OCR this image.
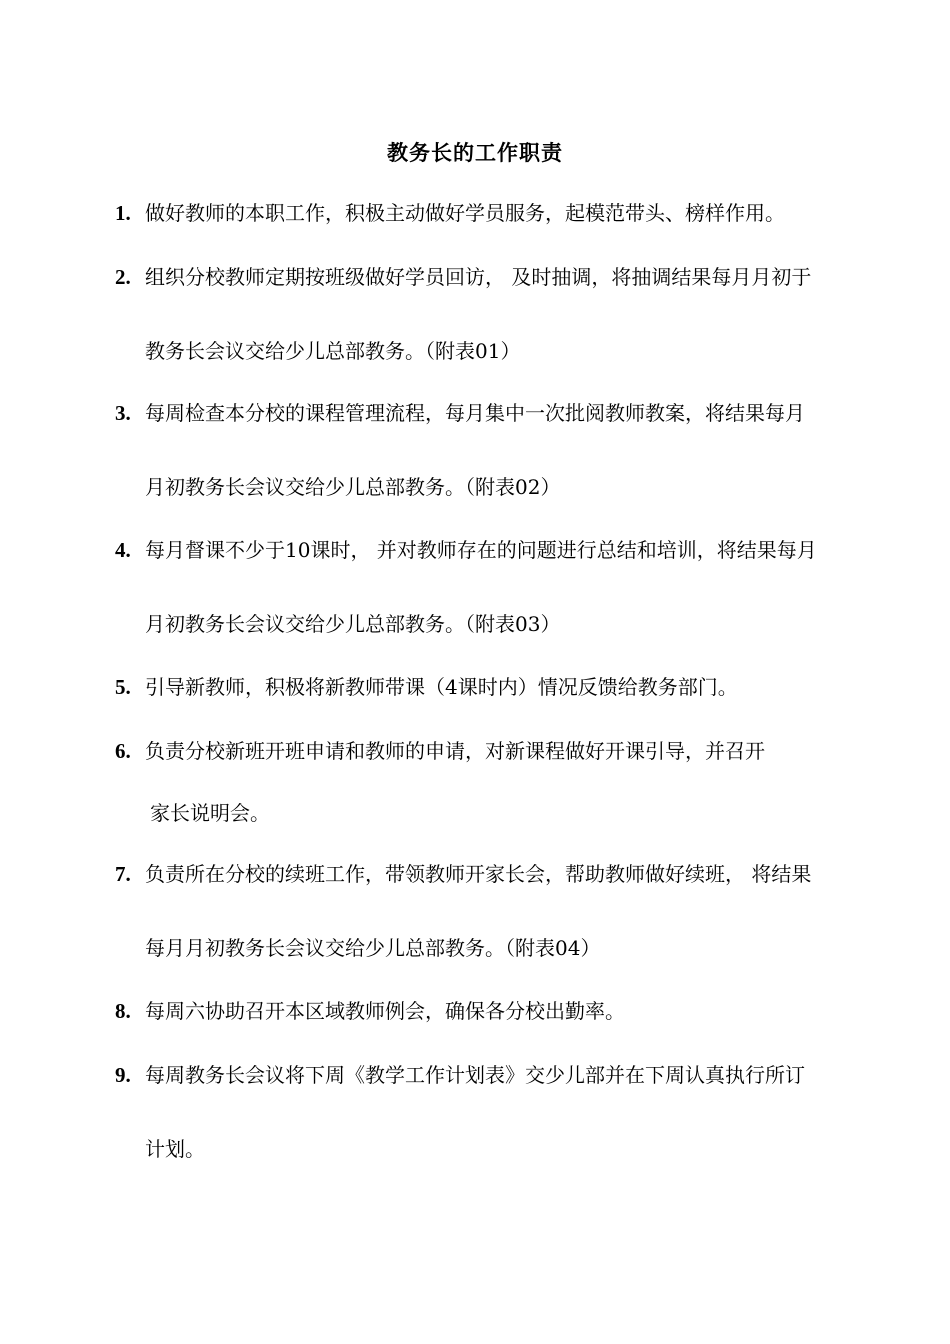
教务长的工作职责
1. 做好教师的本职工作，积极主动做好学员服务，起模范带头、榜样作用。
2. 组织分校教师定期按班级做好学员回访， 及时抽调，将抽调结果每月月初于
教务长会议交给少儿总部教务。（附表01）
3. 每周检查本分校的课程管理流程，每月集中一次批阅教师教案，将结果每月
月初教务长会议交给少儿总部教务。（附表02）
4. 每月督课不少于10课时， 并对教师存在的问题进行总结和培训，将结果每月
月初教务长会议交给少儿总部教务。（附表03）
5. 引导新教师，积极将新教师带课（4课时内）情况反馈给教务部门。
6. 负责分校新班开班申请和教师的申请，对新课程做好开课引导，并召开
家长说明会。
7. 负责所在分校的续班工作，带领教师开家长会，帮助教师做好续班， 将结果
每月月初教务长会议交给少儿总部教务。（附表04）
8. 每周六协助召开本区域教师例会，确保各分校出勤率。
9. 每周教务长会议将下周《教学工作计划表》交少儿部并在下周认真执行所订
计划。
